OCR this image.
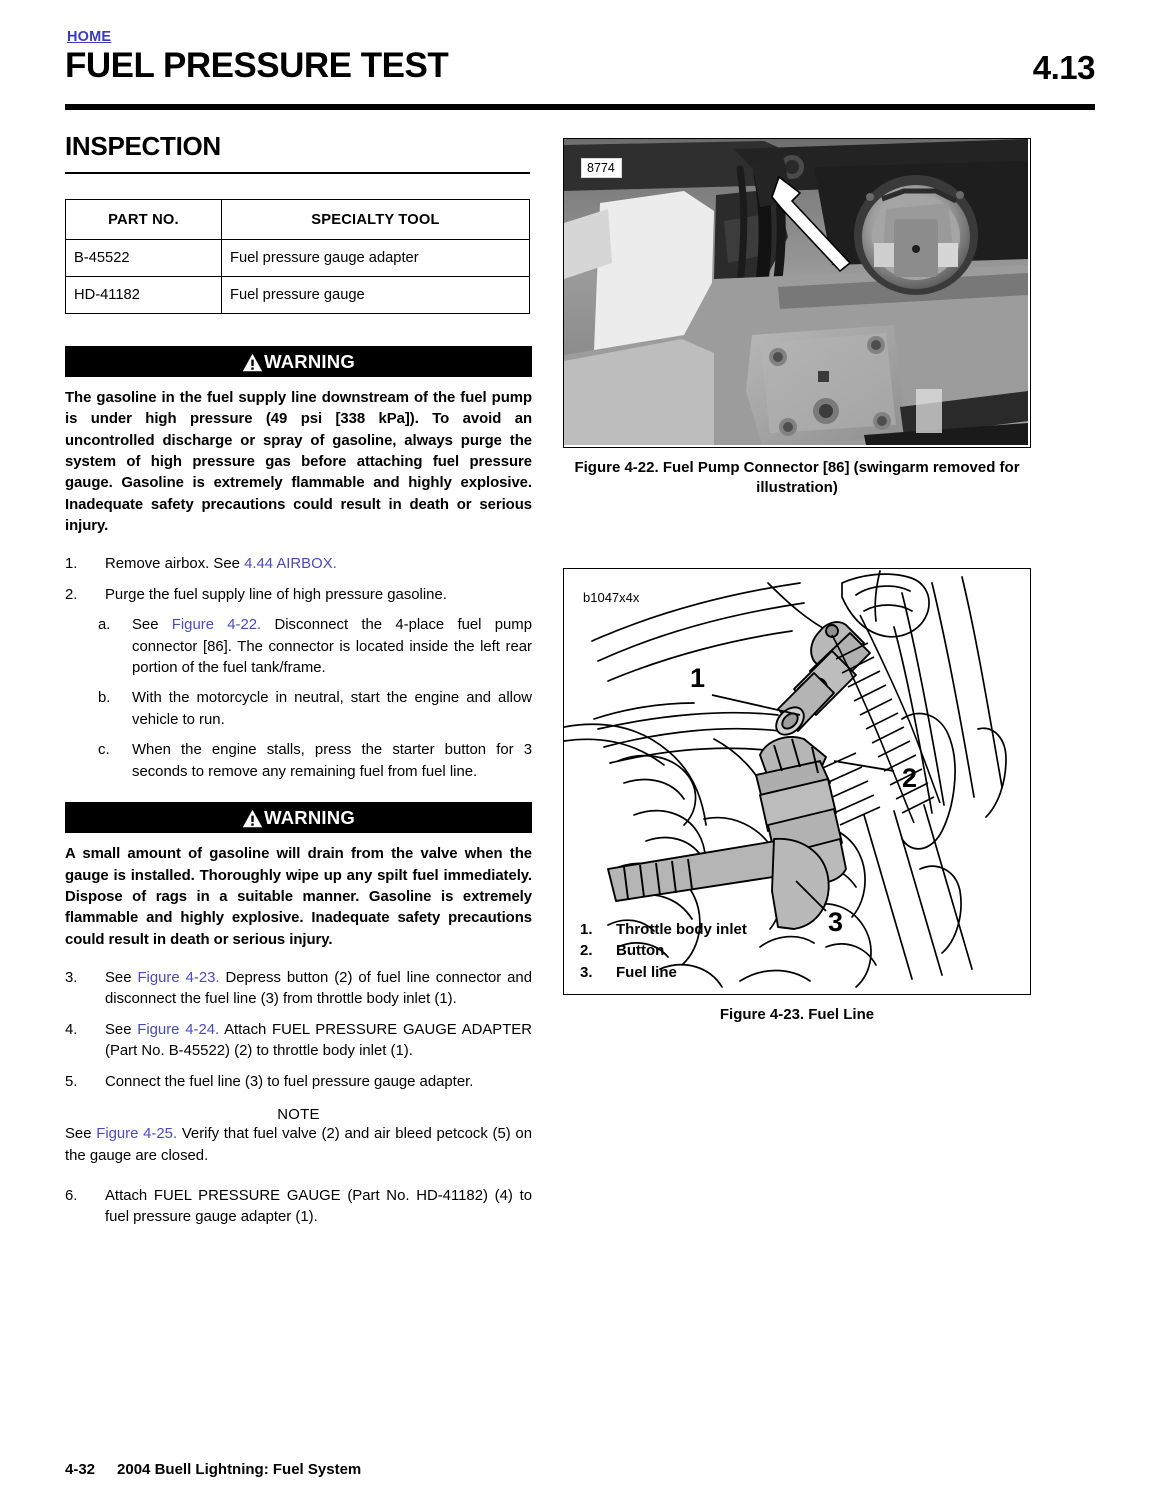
HOME
FUEL PRESSURE TEST	4.13
INSPECTION
PART NO.	SPECIALTY TOOL
B-45522	Fuel pressure gauge adapter
HD-41182	Fuel pressure gauge
WARNING
The gasoline in the fuel supply line downstream of the fuel pump is under high pressure (49 psi [338 kPa]). To avoid an uncontrolled discharge or spray of gasoline, always purge the system of high pressure gas before attaching fuel pressure gauge. Gasoline is extremely flammable and highly explosive. Inadequate safety precautions could result in death or serious injury.
1.	Remove airbox. See 4.44 AIRBOX.
2.	Purge the fuel supply line of high pressure gasoline.
a.	See Figure 4-22. Disconnect the 4-place fuel pump connector [86]. The connector is located inside the left rear portion of the fuel tank/frame.
b.	With the motorcycle in neutral, start the engine and allow vehicle to run.
c.	When the engine stalls, press the starter button for 3 seconds to remove any remaining fuel from fuel line.
WARNING
A small amount of gasoline will drain from the valve when the gauge is installed. Thoroughly wipe up any spilt fuel immediately. Dispose of rags in a suitable manner. Gasoline is extremely flammable and highly explosive. Inadequate safety precautions could result in death or serious injury.
3.	See Figure 4-23. Depress button (2) of fuel line connector and disconnect the fuel line (3) from throttle body inlet (1).
4.	See Figure 4-24. Attach FUEL PRESSURE GAUGE ADAPTER (Part No. B-45522) (2) to throttle body inlet (1).
5.	Connect the fuel line (3) to fuel pressure gauge adapter.
NOTE
See Figure 4-25. Verify that fuel valve (2) and air bleed petcock (5) on the gauge are closed.
6.	Attach FUEL PRESSURE GAUGE (Part No. HD-41182) (4) to fuel pressure gauge adapter (1).
8774
Figure 4-22. Fuel Pump Connector [86] (swingarm removed for illustration)
1
2
3
b1047x4x
1.	Throttle body inlet
2.	Button
3.	Fuel line
Figure 4-23. Fuel Line
4-32 2004 Buell Lightning: Fuel System
